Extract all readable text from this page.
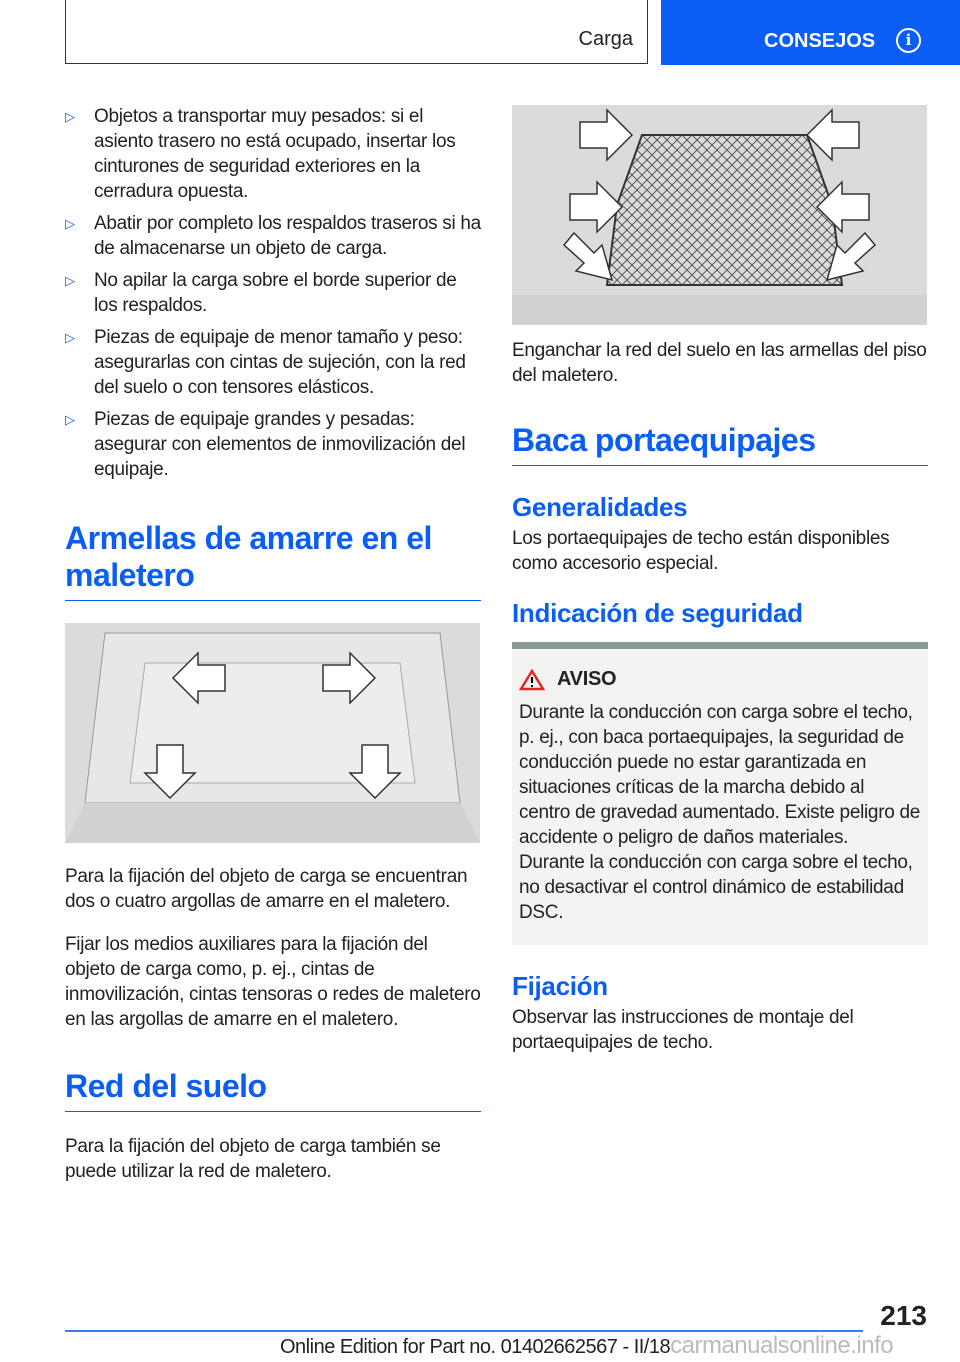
Carga	CONSEJOS	i
▷ Objetos a transportar muy pesados: si el asiento trasero no está ocupado, insertar los cinturones de seguridad exteriores en la cerradura opuesta.
▷ Abatir por completo los respaldos traseros si ha de almacenarse un objeto de carga.
▷ No apilar la carga sobre el borde superior de los respaldos.
▷ Piezas de equipaje de menor tamaño y peso: asegurarlas con cintas de sujeción, con la red del suelo o con tensores elásticos.
▷ Piezas de equipaje grandes y pesadas: asegurar con elementos de inmovilización del equipaje.
Armellas de amarre en el maletero

Para la fijación del objeto de carga se encuentran dos o cuatro argollas de amarre en el maletero.

Fijar los medios auxiliares para la fijación del objeto de carga como, p. ej., cintas de inmovilización, cintas tensoras o redes de maletero en las argollas de amarre en el maletero.

Red del suelo

Para la fijación del objeto de carga también se puede utilizar la red de maletero.

Enganchar la red del suelo en las armellas del piso del maletero.

Baca portaequipajes
Generalidades

Los portaequipajes de techo están disponibles como accesorio especial.

Indicación de seguridad
AVISO
Durante la conducción con carga sobre el techo, p. ej., con baca portaequipajes, la seguridad de conducción puede no estar garantizada en situaciones críticas de la marcha debido al centro de gravedad aumentado. Existe peligro de accidente o peligro de daños materiales.
Durante la conducción con carga sobre el techo, no desactivar el control dinámico de estabilidad DSC.
Fijación

Observar las instrucciones de montaje del portaequipajes de techo.

213
Online Edition for Part no. 01402662567 - II/18carmanualsonline.info
